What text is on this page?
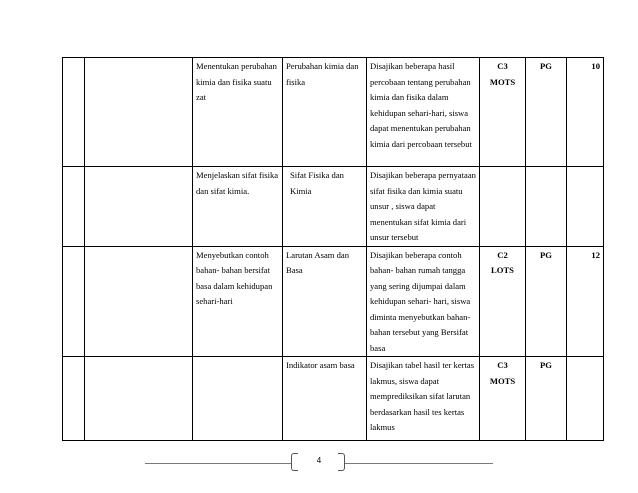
		Menentukan perubahan kimia dan fisika suatu zat	Perubahan kimia dan fisika	Disajikan beberapa hasil percobaan tentang perubahan kimia dan fisika dalam kehidupan sehari-hari, siswa dapat menentukan perubahan kimia dari percobaan tersebut	C3
MOTS	PG	10
		Menjelaskan sifat fisika dan sifat kimia.	Sifat Fisika dan Kimia	Disajikan beberapa pernyataan sifat fisika dan kimia suatu unsur , siswa dapat menentukan sifat kimia dari unsur tersebut	

		Menyebutkan contoh bahan- bahan bersifat basa dalam kehidupan sehari-hari	Larutan Asam dan Basa	Disajikan beberapa contoh bahan- bahan rumah tangga yang sering dijumpai dalam kehidupan sehari- hari, siswa diminta menyebutkan bahan- bahan tersebut yang Bersifat basa	C2
LOTS	PG	12
			Indikator asam basa	Disajikan tabel hasil ter kertas lakmus, siswa dapat memprediksikan sifat larutan berdasarkan hasil tes kertas lakmus	C3
MOTS	PG	
4
